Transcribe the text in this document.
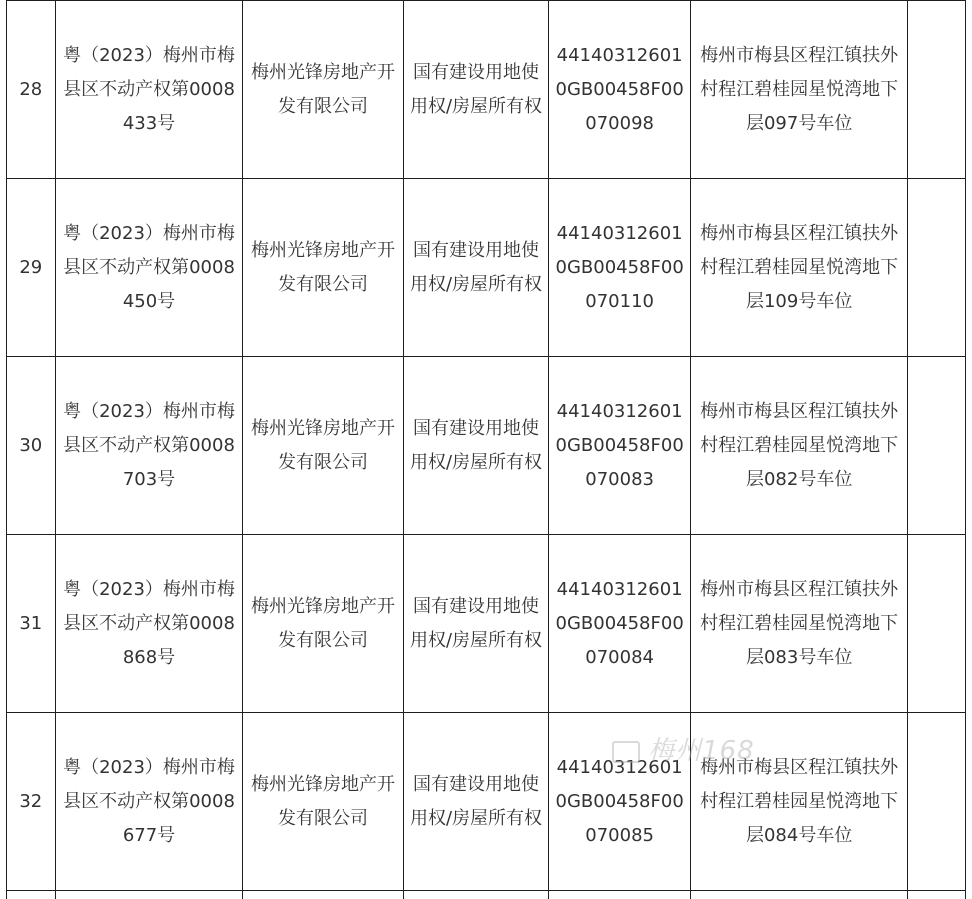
28	粤（2023）梅州市梅县区不动产权第0008433号	梅州光锋房地产开发有限公司	国有建设用地使用权/房屋所有权	441403126010GB00458F00070098	梅州市梅县区程江镇扶外村程江碧桂园星悦湾地下层097号车位	
29	粤（2023）梅州市梅县区不动产权第0008450号	梅州光锋房地产开发有限公司	国有建设用地使用权/房屋所有权	441403126010GB00458F00070110	梅州市梅县区程江镇扶外村程江碧桂园星悦湾地下层109号车位	
30	粤（2023）梅州市梅县区不动产权第0008703号	梅州光锋房地产开发有限公司	国有建设用地使用权/房屋所有权	441403126010GB00458F00070083	梅州市梅县区程江镇扶外村程江碧桂园星悦湾地下层082号车位	
31	粤（2023）梅州市梅县区不动产权第0008868号	梅州光锋房地产开发有限公司	国有建设用地使用权/房屋所有权	441403126010GB00458F00070084	梅州市梅县区程江镇扶外村程江碧桂园星悦湾地下层083号车位	
32	粤（2023）梅州市梅县区不动产权第0008677号	梅州光锋房地产开发有限公司	国有建设用地使用权/房屋所有权	441403126010GB00458F00070085	梅州市梅县区程江镇扶外村程江碧桂园星悦湾地下层084号车位	

梅州168
